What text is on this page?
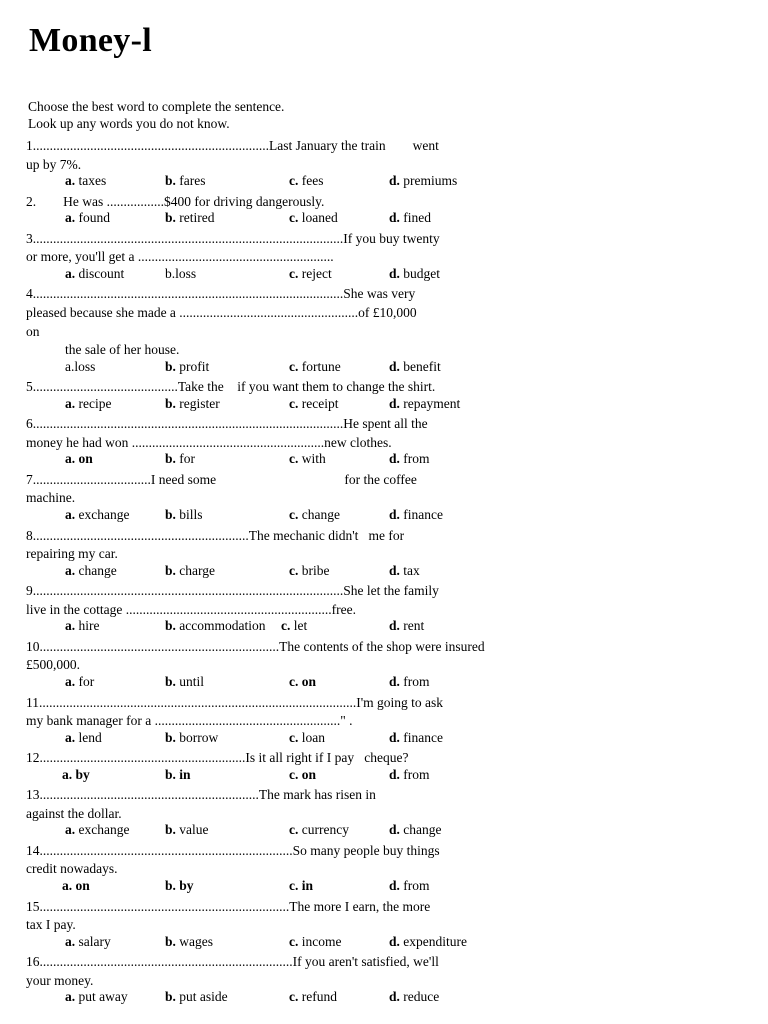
Money-l
Choose the best word to complete the sentence.
Look up any words you do not know.
1......................................................................Last January the train        went
up by 7%.
a. taxes	b. fares	c. fees	d. premiums
2.        He was .................$400 for driving dangerously.
a. found	b. retired	c. loaned	d. fined
3............................................................................................If you buy twenty
or more, you'll get a ..........................................................
a. discount	b.loss	c. reject	d. budget
4............................................................................................She was very
pleased because she made a .....................................................of £10,000
on
the sale of her house.
a.loss	b. profit	c. fortune	d. benefit
5...........................................Take the    if you want them to change the shirt.
a. recipe	b. register	c. receipt	d. repayment
6............................................................................................He spent all the
money he had won .........................................................new clothes.
a. on	b. for	c. with	d. from
7...................................I need some                                      for the coffee
machine.
a. exchange	b. bills	c. change	d. finance
8................................................................The mechanic didn't   me for
repairing my car.
a. change	b. charge	c. bribe	d. tax
9............................................................................................She let the family
live in the cottage .............................................................free.
a. hire	b. accommodation c. let	d. rent
10.......................................................................The contents of the shop were insured
£500,000.
a. for	b. until	c. on	d. from
11..............................................................................................I'm going to ask
my bank manager for a ......................................................." .
a. lend	b. borrow	c. loan	d. finance
12.............................................................Is it all right if I pay   cheque?
a. by	b. in	c. on	d. from
13.................................................................The mark has risen in
against the dollar.
a. exchange	b. value	c. currency	d. change
14...........................................................................So many people buy things
credit nowadays.
a. on	b. by	c. in	d. from
15..........................................................................The more I earn, the more
tax I pay.
a. salary	b. wages	c. income	d. expenditure
16...........................................................................If you aren't satisfied, we'll
your money.
a. put away	b. put aside	c. refund	d. reduce
